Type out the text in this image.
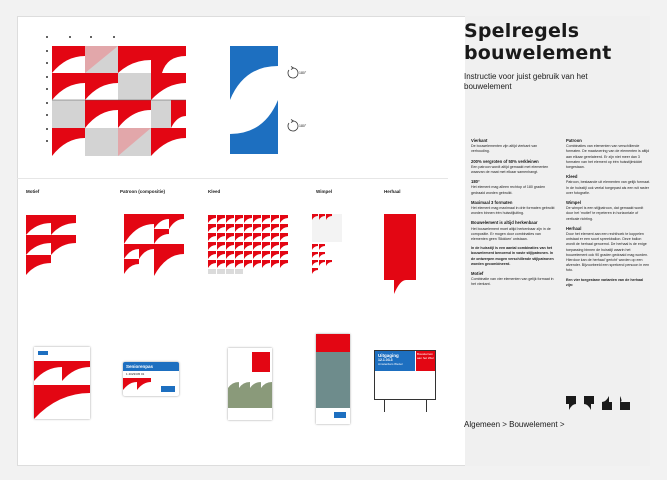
Spelregels
bouwelement
Instructie voor juist gebruik van het bouwelement
Vierkant

De bouwelementen zijn altijd vierkant van verhouding.

200% vergroten of 50% verkleinen

Een patroon wordt altijd gemaakt met elementen waarvan de maat met elkaar samenhangt.

180°

Het element mag alleen rechtop of 180 graden gedraaid worden gebruikt.

Maximaal 3 formaten

Het element mag maximaal in drie formaten gebruikt worden binnen één huisstijluiting.

Bouwelement is altijd herkenbaar

Het bouwelement moet altijd herkenbaar zijn in de compositie. Er mogen door combinaties van elementen geen 'Blokken' ontstaan.

In de huisstijl is een aantal combinaties van het bouwelement benoemd in vaste stijlpatronen. In de ontwerpen mogen verschillende stijlpatronen worden gecombineerd.

Motief

Combinatie van vier elementen van gelijk formaat in het vierkant.

Patroon

Combinaties van elementen van verschillende formaten. De maatvoering van de elementen is altijd aan elkaar gerelateerd. Er zijn niet meer dan 3 formaten van het element op één huisstijlmiddel toegestaan.

Kleed

Patroon, bestaande uit elementen van gelijk formaat. In de huisstijl ook veelal toegepast als een wit raster over fotografie.

Wimpel

De wimpel is een stijlpatroon, dat gemaakt wordt door het 'motief' te repeteren in horizontale of verticale richting.

Herhaal

Door het element aan een rechthoek te koppelen ontstaat er een soort spreekballon. Deze ballon wordt de herhaal genoemd. De herhaal is de enige toepassing binnen de huisstijl waarin het bouwelement ook 90 graden gedraaid mag worden. Hierdoor kan de herhaal 'gericht' worden op een afzender. Bijvoorbeeld een sprekend persoon in een foto.

Een vier toegestane varianten van de herhaal zijn:

Algemeen > Bouwelement >
180°
180°
Motief	Patroon (compositie)	Kleed	Wimpel	Herhaal
Seniorenpas
1 4023345 01
Uitgaging
12.1.03.3
Amsterdam Wezel
Bouwterrein aan het Wiel
